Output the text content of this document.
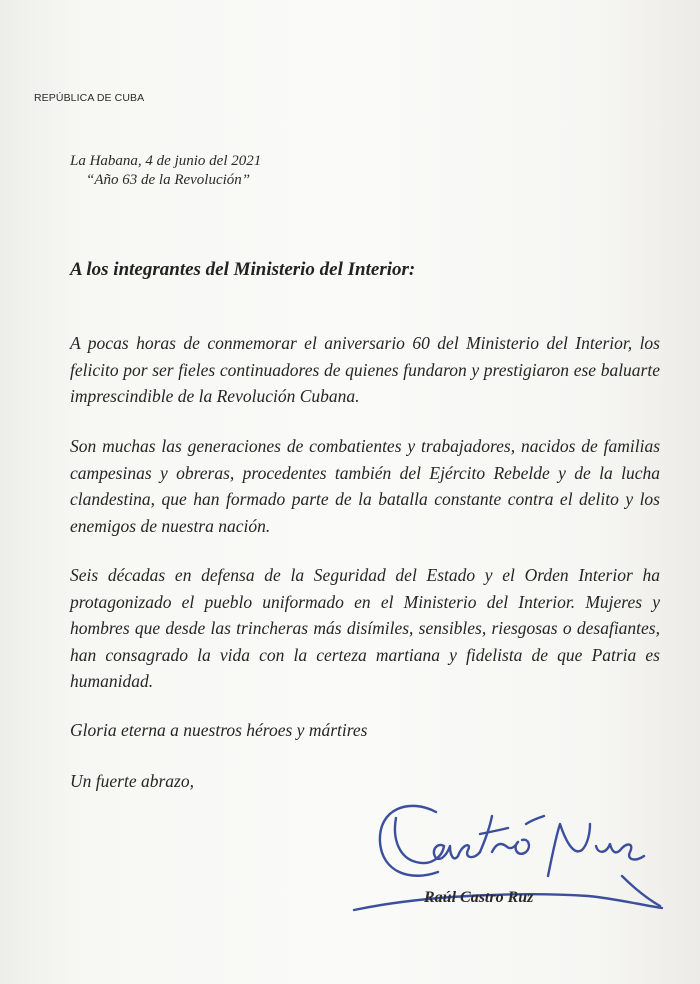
REPÚBLICA DE CUBA
La Habana, 4 de junio del 2021
“Año 63 de la Revolución”
A los integrantes del Ministerio del Interior:
A pocas horas de conmemorar el aniversario 60 del Ministerio del Interior, los felicito por ser fieles continuadores de quienes fundaron y prestigiaron ese baluarte imprescindible de la Revolución Cubana.
Son muchas las generaciones de combatientes y trabajadores, nacidos de familias campesinas y obreras, procedentes también del Ejército Rebelde y de la lucha clandestina, que han formado parte de la batalla constante contra el delito y los enemigos de nuestra nación.
Seis décadas en defensa de la Seguridad del Estado y el Orden Interior ha protagonizado el pueblo uniformado en el Ministerio del Interior. Mujeres y hombres que desde las trincheras más disímiles, sensibles, riesgosas o desafiantes, han consagrado la vida con la certeza martiana y fidelista de que Patria es humanidad.
Gloria eterna a nuestros héroes y mártires
Un fuerte abrazo,
Raúl Castro Ruz
